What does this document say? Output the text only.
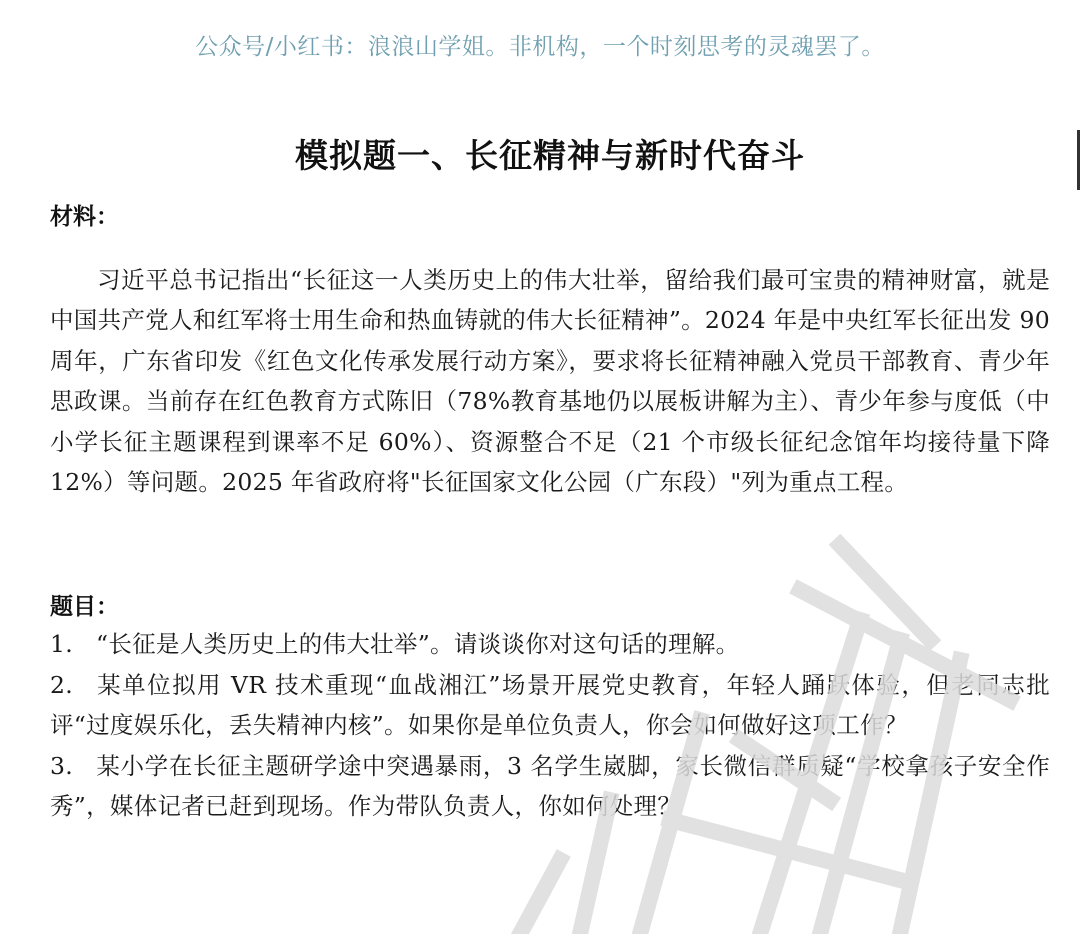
公众号/小红书：浪浪山学姐。非机构，一个时刻思考的灵魂罢了。
模拟题一、长征精神与新时代奋斗
材料：

习近平总书记指出“长征这一人类历史上的伟大壮举，留给我们最可宝贵的精神财富，就是中国共产党人和红军将士用生命和热血铸就的伟大长征精神”。2024 年是中央红军长征出发 90 周年，广东省印发《红色文化传承发展行动方案》，要求将长征精神融入党员干部教育、青少年思政课。当前存在红色教育方式陈旧（78%教育基地仍以展板讲解为主）、青少年参与度低（中小学长征主题课程到课率不足 60%）、资源整合不足（21 个市级长征纪念馆年均接待量下降 12%）等问题。2025 年省政府将"长征国家文化公园（广东段）"列为重点工程。

题目：
1. “长征是人类历史上的伟大壮举”。请谈谈你对这句话的理解。
2. 某单位拟用 VR 技术重现“血战湘江”场景开展党史教育，年轻人踊跃体验，但老同志批评“过度娱乐化，丢失精神内核”。如果你是单位负责人，你会如何做好这项工作？
3. 某小学在长征主题研学途中突遇暴雨，3 名学生崴脚，家长微信群质疑“学校拿孩子安全作秀”，媒体记者已赶到现场。作为带队负责人，你如何处理？
